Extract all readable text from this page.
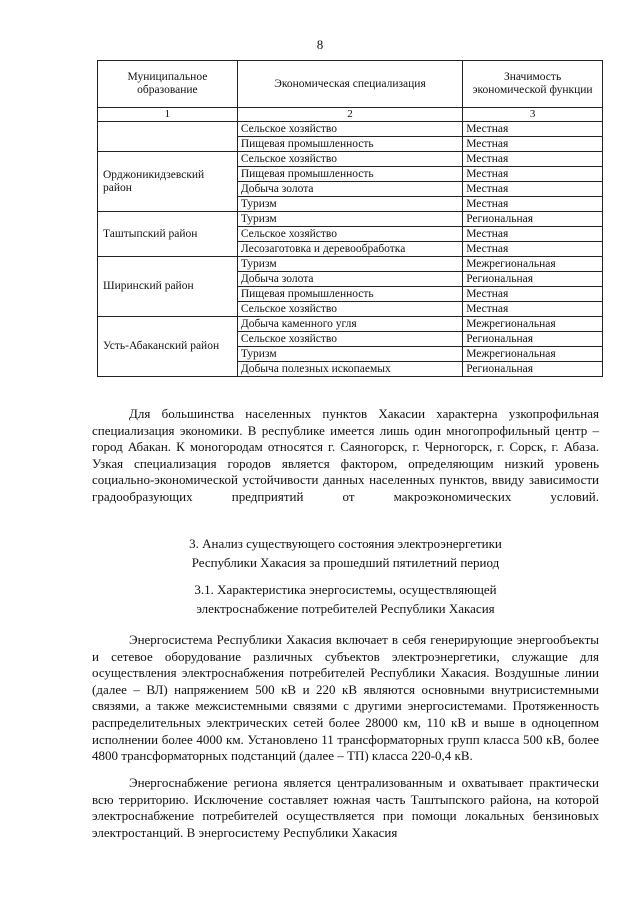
8
Муниципальное образование	Экономическая специализация	Значимость экономической функции
1	2	3
	Сельское хозяйство	Местная
	Пищевая промышленность	Местная
Орджоникидзевский район	Сельское хозяйство	Местная
	Пищевая промышленность	Местная
	Добыча золота	Местная
	Туризм	Местная
Таштыпский район	Туризм	Региональная
	Сельское хозяйство	Местная
	Лесозаготовка и деревообработка	Местная
Ширинский район	Туризм	Межрегиональная
	Добыча золота	Региональная
	Пищевая промышленность	Местная
	Сельское хозяйство	Местная
Усть-Абаканский район	Добыча каменного угля	Межрегиональная
	Сельское хозяйство	Региональная
	Туризм	Межрегиональная
	Добыча полезных ископаемых	Региональная

Для большинства населенных пунктов Хакасии характерна узкопрофильная специализация экономики. В республике имеется лишь один многопрофильный центр – город Абакан. К моногородам относятся г. Саяногорск, г. Черногорск, г. Сорск, г. Абаза. Узкая специализация городов является фактором, определяющим низкий уровень социально-экономической устойчивости данных населенных пунктов, ввиду зависимости градообразующих предприятий от макроэкономических условий.

3. Анализ существующего состояния электроэнергетики
Республики Хакасия за прошедший пятилетний период
3.1. Характеристика энергосистемы, осуществляющей
электроснабжение потребителей Республики Хакасия

Энергосистема Республики Хакасия включает в себя генерирующие энергообъекты и сетевое оборудование различных субъектов электроэнергетики, служащие для осуществления электроснабжения потребителей Республики Хакасия. Воздушные линии (далее – ВЛ) напряжением 500 кВ и 220 кВ являются основными внутрисистемными связями, а также межсистемными связями с другими энергосистемами. Протяженность распределительных электрических сетей более 28000 км, 110 кВ и выше в одноцепном исполнении более 4000 км. Установлено 11 трансформаторных групп класса 500 кВ, более 4800 трансформаторных подстанций (далее – ТП) класса 220-0,4 кВ.

Энергоснабжение региона является централизованным и охватывает практически всю территорию. Исключение составляет южная часть Таштыпского района, на которой электроснабжение потребителей осуществляется при помощи локальных бензиновых электростанций. В энергосистему Республики Хакасия
